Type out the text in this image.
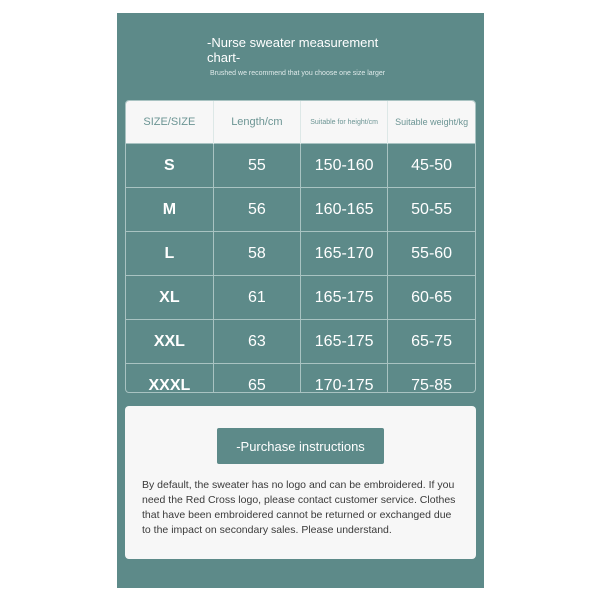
-Nurse sweater measurement chart-
Brushed we recommend that you choose one size larger
SIZE/SIZE	Length/cm	Suitable for height/cm	Suitable weight/kg
S	55	150-160	45-50
M	56	160-165	50-55
L	58	165-170	55-60
XL	61	165-175	60-65
XXL	63	165-175	65-75
XXXL	65	170-175	75-85
-Purchase instructions
By default, the sweater has no logo and can be embroidered. If you need the Red Cross logo, please contact customer service. Clothes that have been embroidered cannot be returned or exchanged due to the impact on secondary sales. Please understand.
